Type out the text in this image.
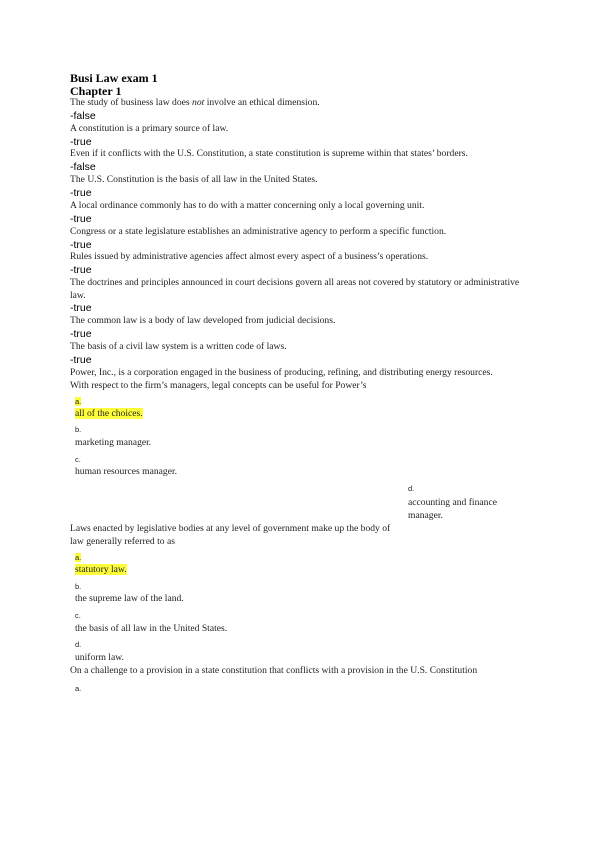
Busi Law exam 1
Chapter 1
The study of business law does not involve an ethical dimension.
-false
A constitution is a primary source of law.
-true
Even if it conflicts with the U.S. Constitution, a state constitution is supreme within that states’ borders.
-false
The U.S. Constitution is the basis of all law in the United States.
-true
A local ordinance commonly has to do with a matter concerning only a local governing unit.
-true
Congress or a state legislature establishes an administrative agency to perform a specific function.
-true
Rules issued by administrative agencies affect almost every aspect of a business’s operations.
-true
The doctrines and principles announced in court decisions govern all areas not covered by statutory or administrative law.
-true
The common law is a body of law developed from judicial decisions.
-true
The basis of a civil law system is a written code of laws.
-true
Power, Inc., is a corporation engaged in the business of producing, refining, and distributing energy resources. With respect to the firm’s managers, legal concepts can be useful for Power’s
a.
all of the choices.
b.
marketing manager.
c.
human resources manager.
d.
accounting and finance manager.
Laws enacted by legislative bodies at any level of government make up the body of law generally referred to as
a.
statutory law.
b.
the supreme law of the land.
c.
the basis of all law in the United States.
d.
uniform law.
On a challenge to a provision in a state constitution that conflicts with a provision in the U.S. Constitution
a.
